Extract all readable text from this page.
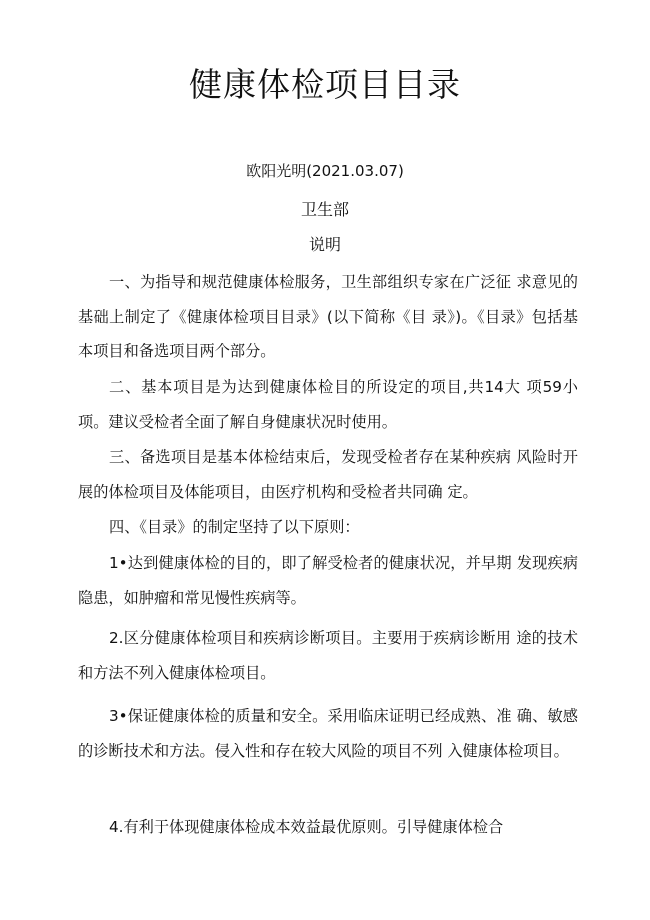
健康体检项目目录
欧阳光明(2021.03.07)
卫生部
说明

一、为指导和规范健康体检服务，卫生部组织专家在广泛征 求意见的基础上制定了《健康体检项目目录》(以下简称《目 录》)。《目录》包括基本项目和备选项目两个部分。

二、基本项目是为达到健康体检目的所设定的项目,共14大 项59小项。建议受检者全面了解自身健康状况时使用。

三、备选项目是基本体检结束后，发现受检者存在某种疾病 风险时开展的体检项目及体能项目，由医疗机构和受检者共同确 定。

四、《目录》的制定坚持了以下原则：

1•达到健康体检的目的，即了解受检者的健康状况，并早期 发现疾病隐患，如肿瘤和常见慢性疾病等。

2.区分健康体检项目和疾病诊断项目。主要用于疾病诊断用 途的技术和方法不列入健康体检项目。

3•保证健康体检的质量和安全。采用临床证明已经成熟、准 确、敏感的诊断技术和方法。侵入性和存在较大风险的项目不列 入健康体检项目。

4.有利于体现健康体检成本效益最优原则。引导健康体检合
